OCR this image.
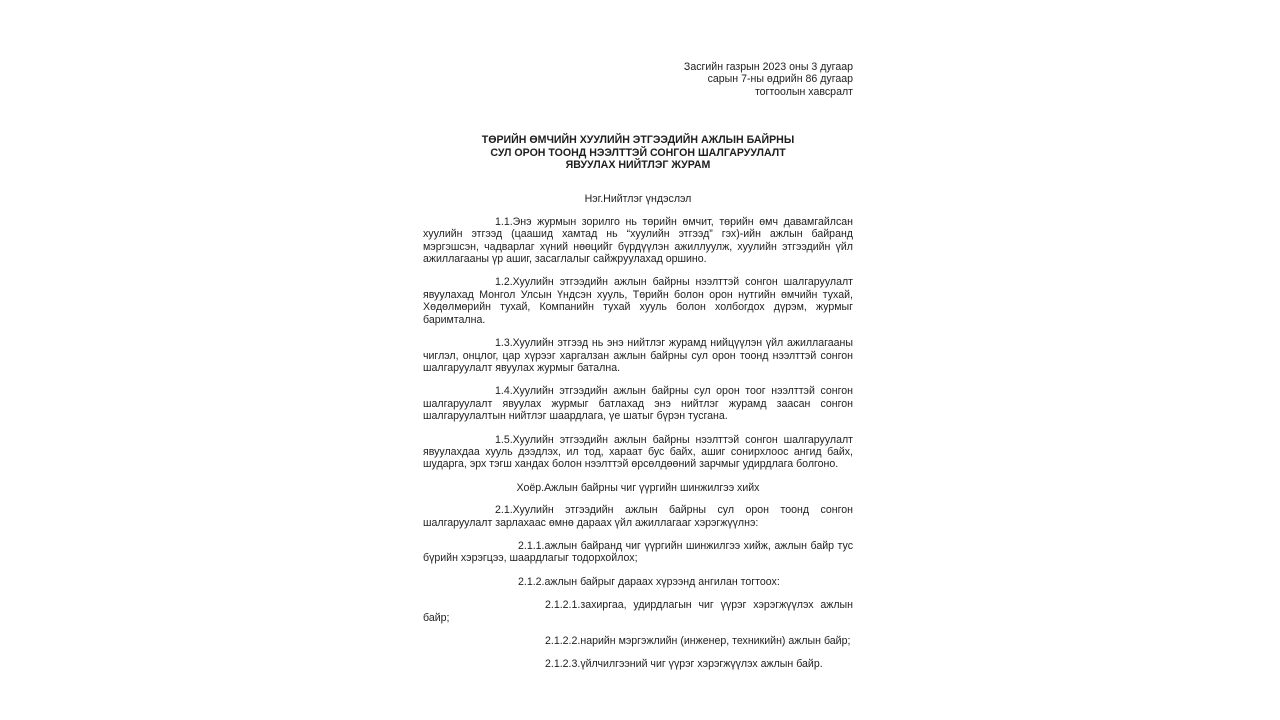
Засгийн газрын 2023 оны 3 дугаар
сарын 7-ны өдрийн 86 дугаар
тогтоолын хавсралт
ТӨРИЙН ӨМЧИЙН ХУУЛИЙН ЭТГЭЭДИЙН АЖЛЫН БАЙРНЫ
СУЛ ОРОН ТООНД НЭЭЛТТЭЙ СОНГОН ШАЛГАРУУЛАЛТ
ЯВУУЛАХ НИЙТЛЭГ ЖУРАМ
Нэг.Нийтлэг үндэслэл

1.1.Энэ журмын зорилго нь төрийн өмчит, төрийн өмч давамгайлсан хуулийн этгээд (цаашид хамтад нь “хуулийн этгээд” гэх)-ийн ажлын байранд мэргэшсэн, чадварлаг хүний нөөцийг бүрдүүлэн ажиллуулж, хуулийн этгээдийн үйл ажиллагааны үр ашиг, засаглалыг сайжруулахад оршино.

1.2.Хуулийн этгээдийн ажлын байрны нээлттэй сонгон шалгаруулалт явуулахад Монгол Улсын Үндсэн хууль, Төрийн болон орон нутгийн өмчийн тухай, Хөдөлмөрийн тухай, Компанийн тухай хууль болон холбогдох дүрэм, журмыг баримтална.

1.3.Хуулийн этгээд нь энэ нийтлэг журамд нийцүүлэн үйл ажиллагааны чиглэл, онцлог, цар хүрээг харгалзан ажлын байрны сул орон тоонд нээлттэй сонгон шалгаруулалт явуулах журмыг батална.

1.4.Хуулийн этгээдийн ажлын байрны сул орон тоог нээлттэй сонгон шалгаруулалт явуулах журмыг батлахад энэ нийтлэг журамд заасан сонгон шалгаруулалтын нийтлэг шаардлага, үе шатыг бүрэн тусгана.

1.5.Хуулийн этгээдийн ажлын байрны нээлттэй сонгон шалгаруулалт явуулахдаа хууль дээдлэх, ил тод, хараат бус байх, ашиг сонирхлоос ангид байх, шударга, эрх тэгш хандах болон нээлттэй өрсөлдөөний зарчмыг удирдлага болгоно.

Хоёр.Ажлын байрны чиг үүргийн шинжилгээ хийх

2.1.Хуулийн этгээдийн ажлын байрны сул орон тоонд сонгон шалгаруулалт зарлахаас өмнө дараах үйл ажиллагааг хэрэгжүүлнэ:

2.1.1.ажлын байранд чиг үүргийн шинжилгээ хийж, ажлын байр тус бүрийн хэрэгцээ, шаардлагыг тодорхойлох;

2.1.2.ажлын байрыг дараах хүрээнд ангилан тогтоох:

2.1.2.1.захиргаа, удирдлагын чиг үүрэг хэрэгжүүлэх ажлын байр;

2.1.2.2.нарийн мэргэжлийн (инженер, техникийн) ажлын байр;

2.1.2.3.үйлчилгээний чиг үүрэг хэрэгжүүлэх ажлын байр.
